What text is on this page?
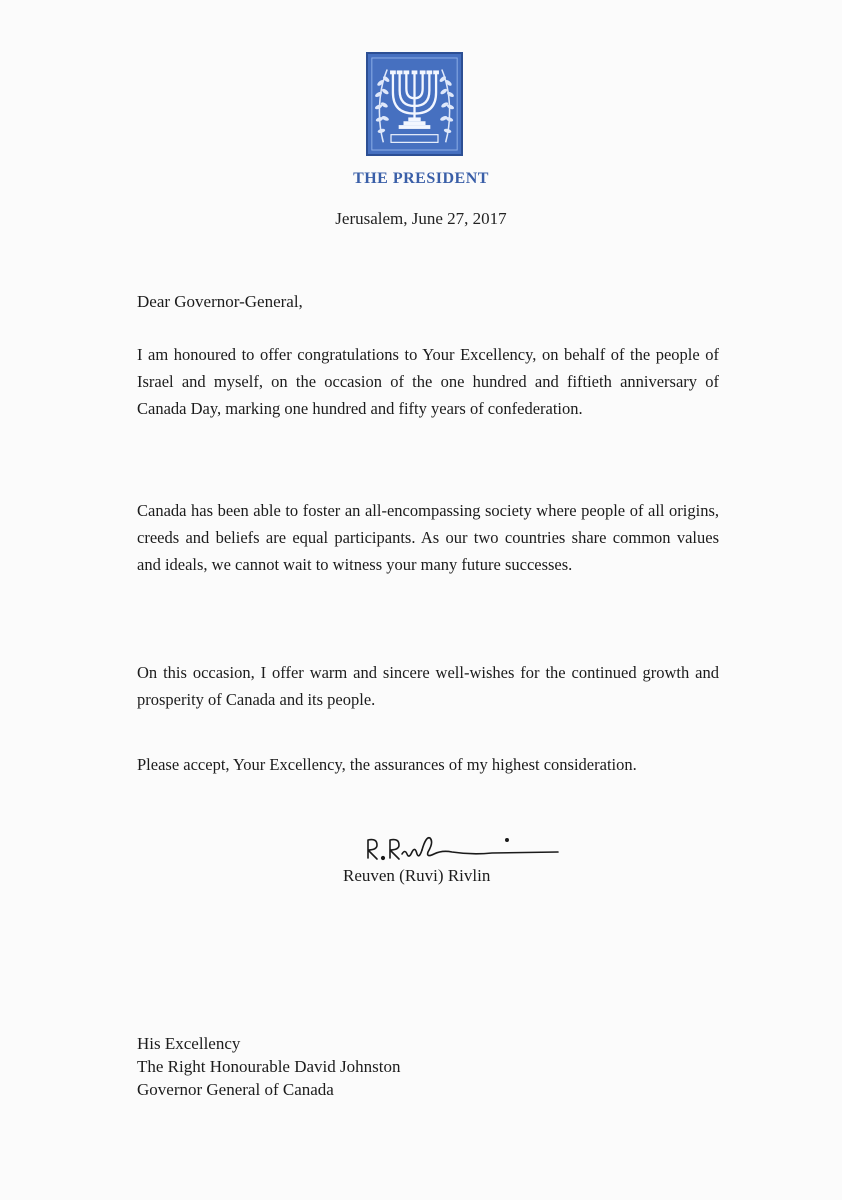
THE PRESIDENT
Jerusalem, June 27, 2017
Dear Governor-General,

I am honoured to offer congratulations to Your Excellency, on behalf of the people of Israel and myself, on the occasion of the one hundred and fiftieth anniversary of Canada Day, marking one hundred and fifty years of confederation.

Canada has been able to foster an all-encompassing society where people of all origins, creeds and beliefs are equal participants. As our two countries share common values and ideals, we cannot wait to witness your many future successes.

On this occasion, I offer warm and sincere well-wishes for the continued growth and prosperity of Canada and its people.

Please accept, Your Excellency, the assurances of my highest consideration.

Reuven (Ruvi) Rivlin
His Excellency
The Right Honourable David Johnston
Governor General of Canada
